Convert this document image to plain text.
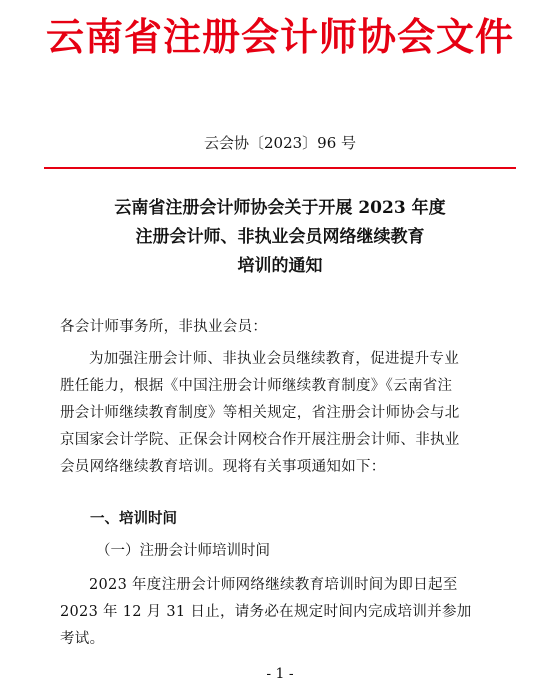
云南省注册会计师协会文件
云会协〔2023〕96 号
云南省注册会计师协会关于开展 2023 年度
注册会计师、非执业会员网络继续教育
培训的通知
各会计师事务所，非执业会员：
为加强注册会计师、非执业会员继续教育，促进提升专业
胜任能力，根据《中国注册会计师继续教育制度》《云南省注
册会计师继续教育制度》等相关规定，省注册会计师协会与北
京国家会计学院、正保会计网校合作开展注册会计师、非执业
会员网络继续教育培训。现将有关事项通知如下：
一、培训时间
（一）注册会计师培训时间
2023 年度注册会计师网络继续教育培训时间为即日起至
2023 年 12 月 31 日止，请务必在规定时间内完成培训并参加
考试。
- 1 -
